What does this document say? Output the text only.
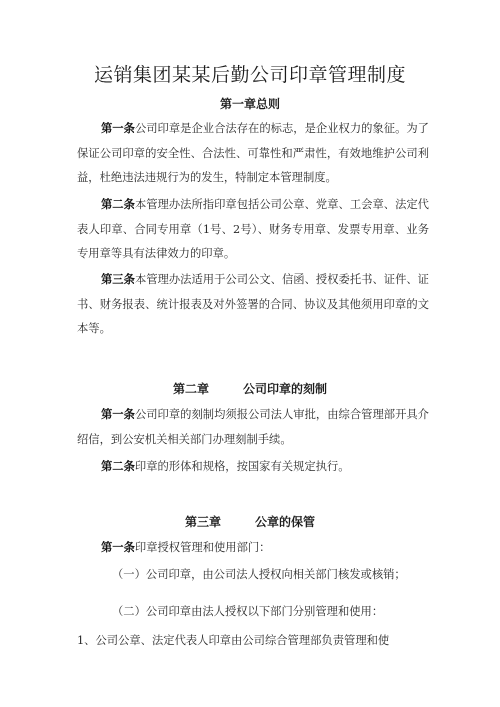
运销集团某某后勤公司印章管理制度
第一章总则

第一条公司印章是企业合法存在的标志，是企业权力的象征。为了保证公司印章的安全性、合法性、可靠性和严肃性，有效地维护公司利益，杜绝违法违规行为的发生，特制定本管理制度。

第二条本管理办法所指印章包括公司公章、党章、工会章、法定代表人印章、合同专用章（1号、2号）、财务专用章、发票专用章、业务专用章等具有法律效力的印章。

第三条本管理办法适用于公司公文、信函、授权委托书、证件、证书、财务报表、统计报表及对外签署的合同、协议及其他须用印章的文本等。

第二章	公司印章的刻制

第一条公司印章的刻制均须报公司法人审批，由综合管理部开具介绍信，到公安机关相关部门办理刻制手续。

第二条印章的形体和规格，按国家有关规定执行。

第三章	公章的保管

第一条印章授权管理和使用部门：

（一）公司印章，由公司法人授权向相关部门核发或核销；
（二）公司印章由法人授权以下部门分别管理和使用：
1、公司公章、法定代表人印章由公司综合管理部负责管理和使
